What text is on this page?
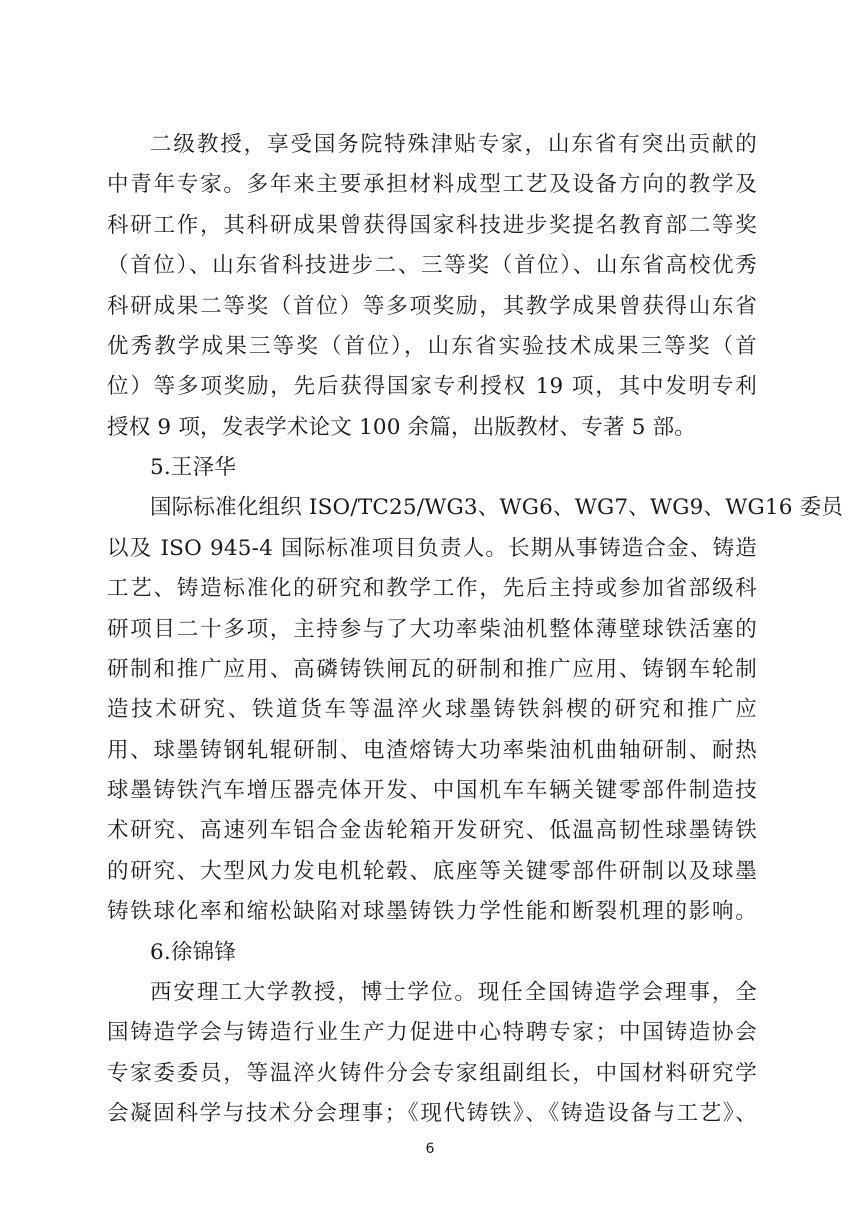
二级教授，享受国务院特殊津贴专家，山东省有突出贡献的
中青年专家。多年来主要承担材料成型工艺及设备方向的教学及
科研工作，其科研成果曾获得国家科技进步奖提名教育部二等奖
（首位）、山东省科技进步二、三等奖（首位）、山东省高校优秀
科研成果二等奖（首位）等多项奖励，其教学成果曾获得山东省
优秀教学成果三等奖（首位），山东省实验技术成果三等奖（首
位）等多项奖励，先后获得国家专利授权 19 项，其中发明专利
授权 9 项，发表学术论文 100 余篇，出版教材、专著 5 部。
5.王泽华
国际标准化组织 ISO/TC25/WG3、WG6、WG7、WG9、WG16 委员
以及 ISO 945-4 国际标准项目负责人。长期从事铸造合金、铸造
工艺、铸造标准化的研究和教学工作，先后主持或参加省部级科
研项目二十多项，主持参与了大功率柴油机整体薄壁球铁活塞的
研制和推广应用、高磷铸铁闸瓦的研制和推广应用、铸钢车轮制
造技术研究、铁道货车等温淬火球墨铸铁斜楔的研究和推广应
用、球墨铸钢轧辊研制、电渣熔铸大功率柴油机曲轴研制、耐热
球墨铸铁汽车增压器壳体开发、中国机车车辆关键零部件制造技
术研究、高速列车铝合金齿轮箱开发研究、低温高韧性球墨铸铁
的研究、大型风力发电机轮毂、底座等关键零部件研制以及球墨
铸铁球化率和缩松缺陷对球墨铸铁力学性能和断裂机理的影响。
6.徐锦锋
西安理工大学教授，博士学位。现任全国铸造学会理事，全
国铸造学会与铸造行业生产力促进中心特聘专家；中国铸造协会
专家委委员，等温淬火铸件分会专家组副组长，中国材料研究学
会凝固科学与技术分会理事；《现代铸铁》、《铸造设备与工艺》、
6
